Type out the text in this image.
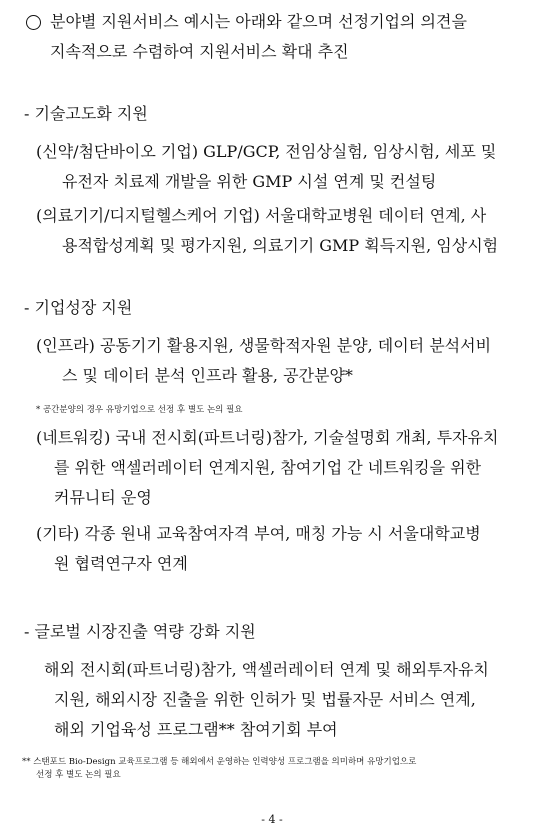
분야별 지원서비스 예시는 아래와 같으며 선정기업의 의견을
지속적으로 수렴하여 지원서비스 확대 추진
- 기술고도화 지원
(신약/첨단바이오 기업) GLP/GCP, 전임상실험, 임상시험, 세포 및
유전자 치료제 개발을 위한 GMP 시설 연계 및 컨설팅
(의료기기/디지털헬스케어 기업) 서울대학교병원 데이터 연계, 사
용적합성계획 및 평가지원, 의료기기 GMP 획득지원, 임상시험
- 기업성장 지원
(인프라) 공동기기 활용지원, 생물학적자원 분양, 데이터 분석서비
스 및 데이터 분석 인프라 활용, 공간분양*
* 공간분양의 경우 유망기업으로 선정 후 별도 논의 필요
(네트워킹) 국내 전시회(파트너링)참가, 기술설명회 개최, 투자유치
를 위한 액셀러레이터 연계지원, 참여기업 간 네트워킹을 위한
커뮤니티 운영
(기타) 각종 원내 교육참여자격 부여, 매칭 가능 시 서울대학교병
원 협력연구자 연계
- 글로벌 시장진출 역량 강화 지원
해외 전시회(파트너링)참가, 액셀러레이터 연계 및 해외투자유치
지원, 해외시장 진출을 위한 인허가 및 법률자문 서비스 연계,
해외 기업육성 프로그램** 참여기회 부여
** 스탠포드 Bio-Design 교육프로그램 등 해외에서 운영하는 인력양성 프로그램을 의미하며 유망기업으로
선정 후 별도 논의 필요
- 4 -
